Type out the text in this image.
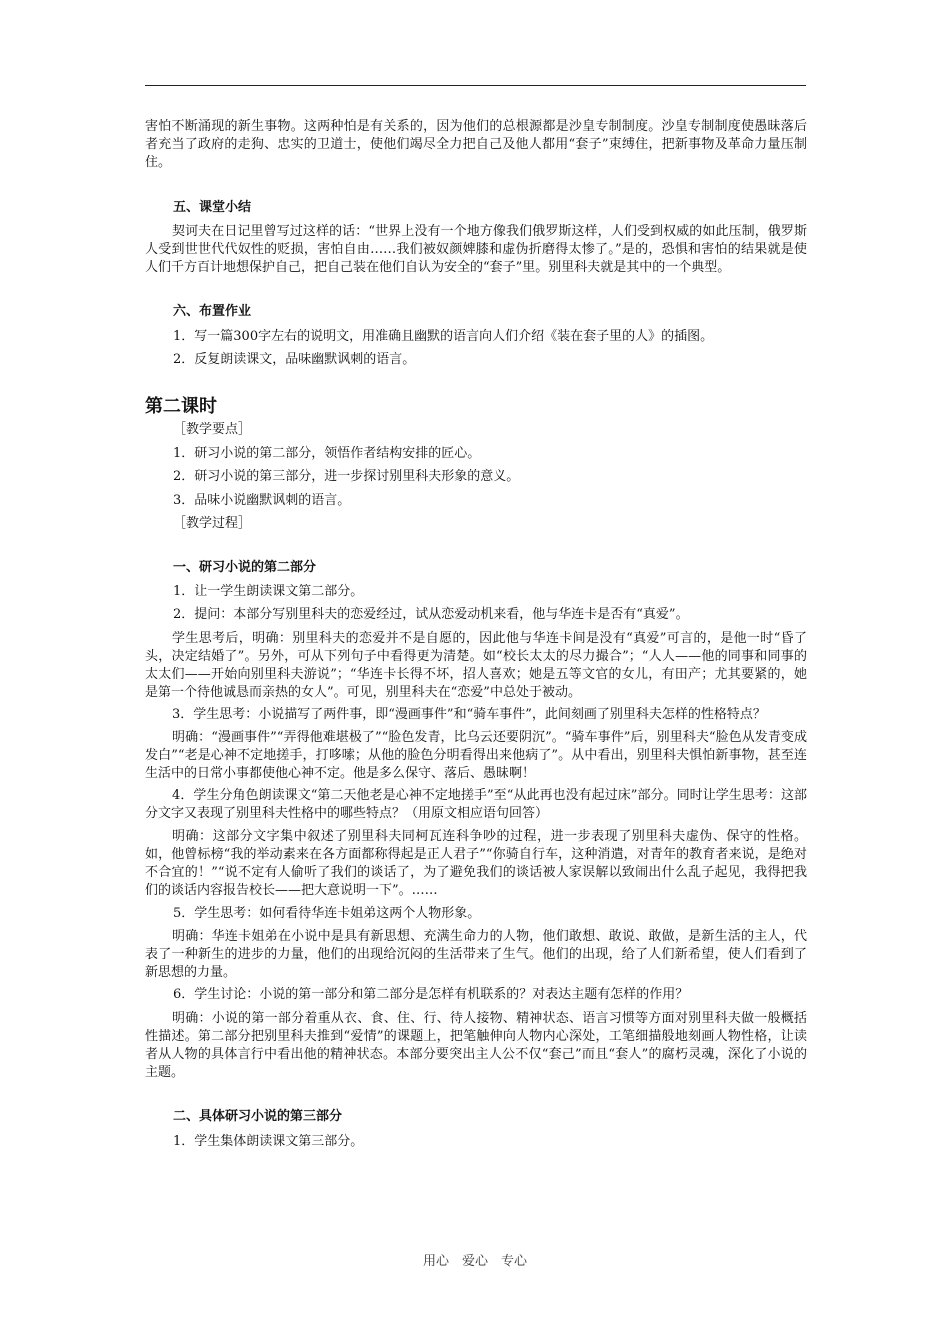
害怕不断涌现的新生事物。这两种怕是有关系的，因为他们的总根源都是沙皇专制制度。沙皇专制制度使愚昧落后者充当了政府的走狗、忠实的卫道士，使他们竭尽全力把自己及他人都用“套子”束缚住，把新事物及革命力量压制住。

五、课堂小结

契诃夫在日记里曾写过这样的话：“世界上没有一个地方像我们俄罗斯这样，人们受到权威的如此压制，俄罗斯人受到世世代代奴性的贬损，害怕自由……我们被奴颜婢膝和虚伪折磨得太惨了。”是的，恐惧和害怕的结果就是使人们千方百计地想保护自己，把自己装在他们自认为安全的“套子”里。别里科夫就是其中的一个典型。

六、布置作业

1．写一篇300字左右的说明文，用准确且幽默的语言向人们介绍《装在套子里的人》的插图。

2．反复朗读课文，品味幽默讽刺的语言。

第二课时

［教学要点］

1．研习小说的第二部分，领悟作者结构安排的匠心。

2．研习小说的第三部分，进一步探讨别里科夫形象的意义。

3．品味小说幽默讽刺的语言。

［教学过程］

一、研习小说的第二部分

1．让一学生朗读课文第二部分。

2．提问：本部分写别里科夫的恋爱经过，试从恋爱动机来看，他与华连卡是否有“真爱”。

学生思考后，明确：别里科夫的恋爱并不是自愿的，因此他与华连卡间是没有“真爱”可言的，是他一时“昏了头，决定结婚了”。另外，可从下列句子中看得更为清楚。如“校长太太的尽力撮合”；“人人——他的同事和同事的太太们——开始向别里科夫游说”；“华连卡长得不坏，招人喜欢；她是五等文官的女儿，有田产；尤其要紧的，她是第一个待他诚恳而亲热的女人”。可见，别里科夫在“恋爱”中总处于被动。

3．学生思考：小说描写了两件事，即“漫画事件”和“骑车事件”，此间刻画了别里科夫怎样的性格特点？

明确：“漫画事件”“弄得他难堪极了”“脸色发青，比乌云还要阴沉”。“骑车事件”后，别里科夫“脸色从发青变成发白”“老是心神不定地搓手，打哆嗦；从他的脸色分明看得出来他病了”。从中看出，别里科夫惧怕新事物，甚至连生活中的日常小事都使他心神不定。他是多么保守、落后、愚昧啊！

4．学生分角色朗读课文“第二天他老是心神不定地搓手”至“从此再也没有起过床”部分。同时让学生思考：这部分文字又表现了别里科夫性格中的哪些特点？（用原文相应语句回答）

明确：这部分文字集中叙述了别里科夫同柯瓦连科争吵的过程，进一步表现了别里科夫虚伪、保守的性格。如，他曾标榜“我的举动素来在各方面都称得起是正人君子”“你骑自行车，这种消遣，对青年的教育者来说，是绝对不合宜的！”“说不定有人偷听了我们的谈话了，为了避免我们的谈话被人家误解以致闹出什么乱子起见，我得把我们的谈话内容报告校长——把大意说明一下”。……

5．学生思考：如何看待华连卡姐弟这两个人物形象。

明确：华连卡姐弟在小说中是具有新思想、充满生命力的人物，他们敢想、敢说、敢做，是新生活的主人，代表了一种新生的进步的力量，他们的出现给沉闷的生活带来了生气。他们的出现，给了人们新希望，使人们看到了新思想的力量。

6．学生讨论：小说的第一部分和第二部分是怎样有机联系的？对表达主题有怎样的作用？

明确：小说的第一部分着重从衣、食、住、行、待人接物、精神状态、语言习惯等方面对别里科夫做一般概括性描述。第二部分把别里科夫推到“爱情”的课题上，把笔触伸向人物内心深处，工笔细描般地刻画人物性格，让读者从人物的具体言行中看出他的精神状态。本部分要突出主人公不仅“套己”而且“套人”的腐朽灵魂，深化了小说的主题。

二、具体研习小说的第三部分

1．学生集体朗读课文第三部分。

用心　爱心　专心
